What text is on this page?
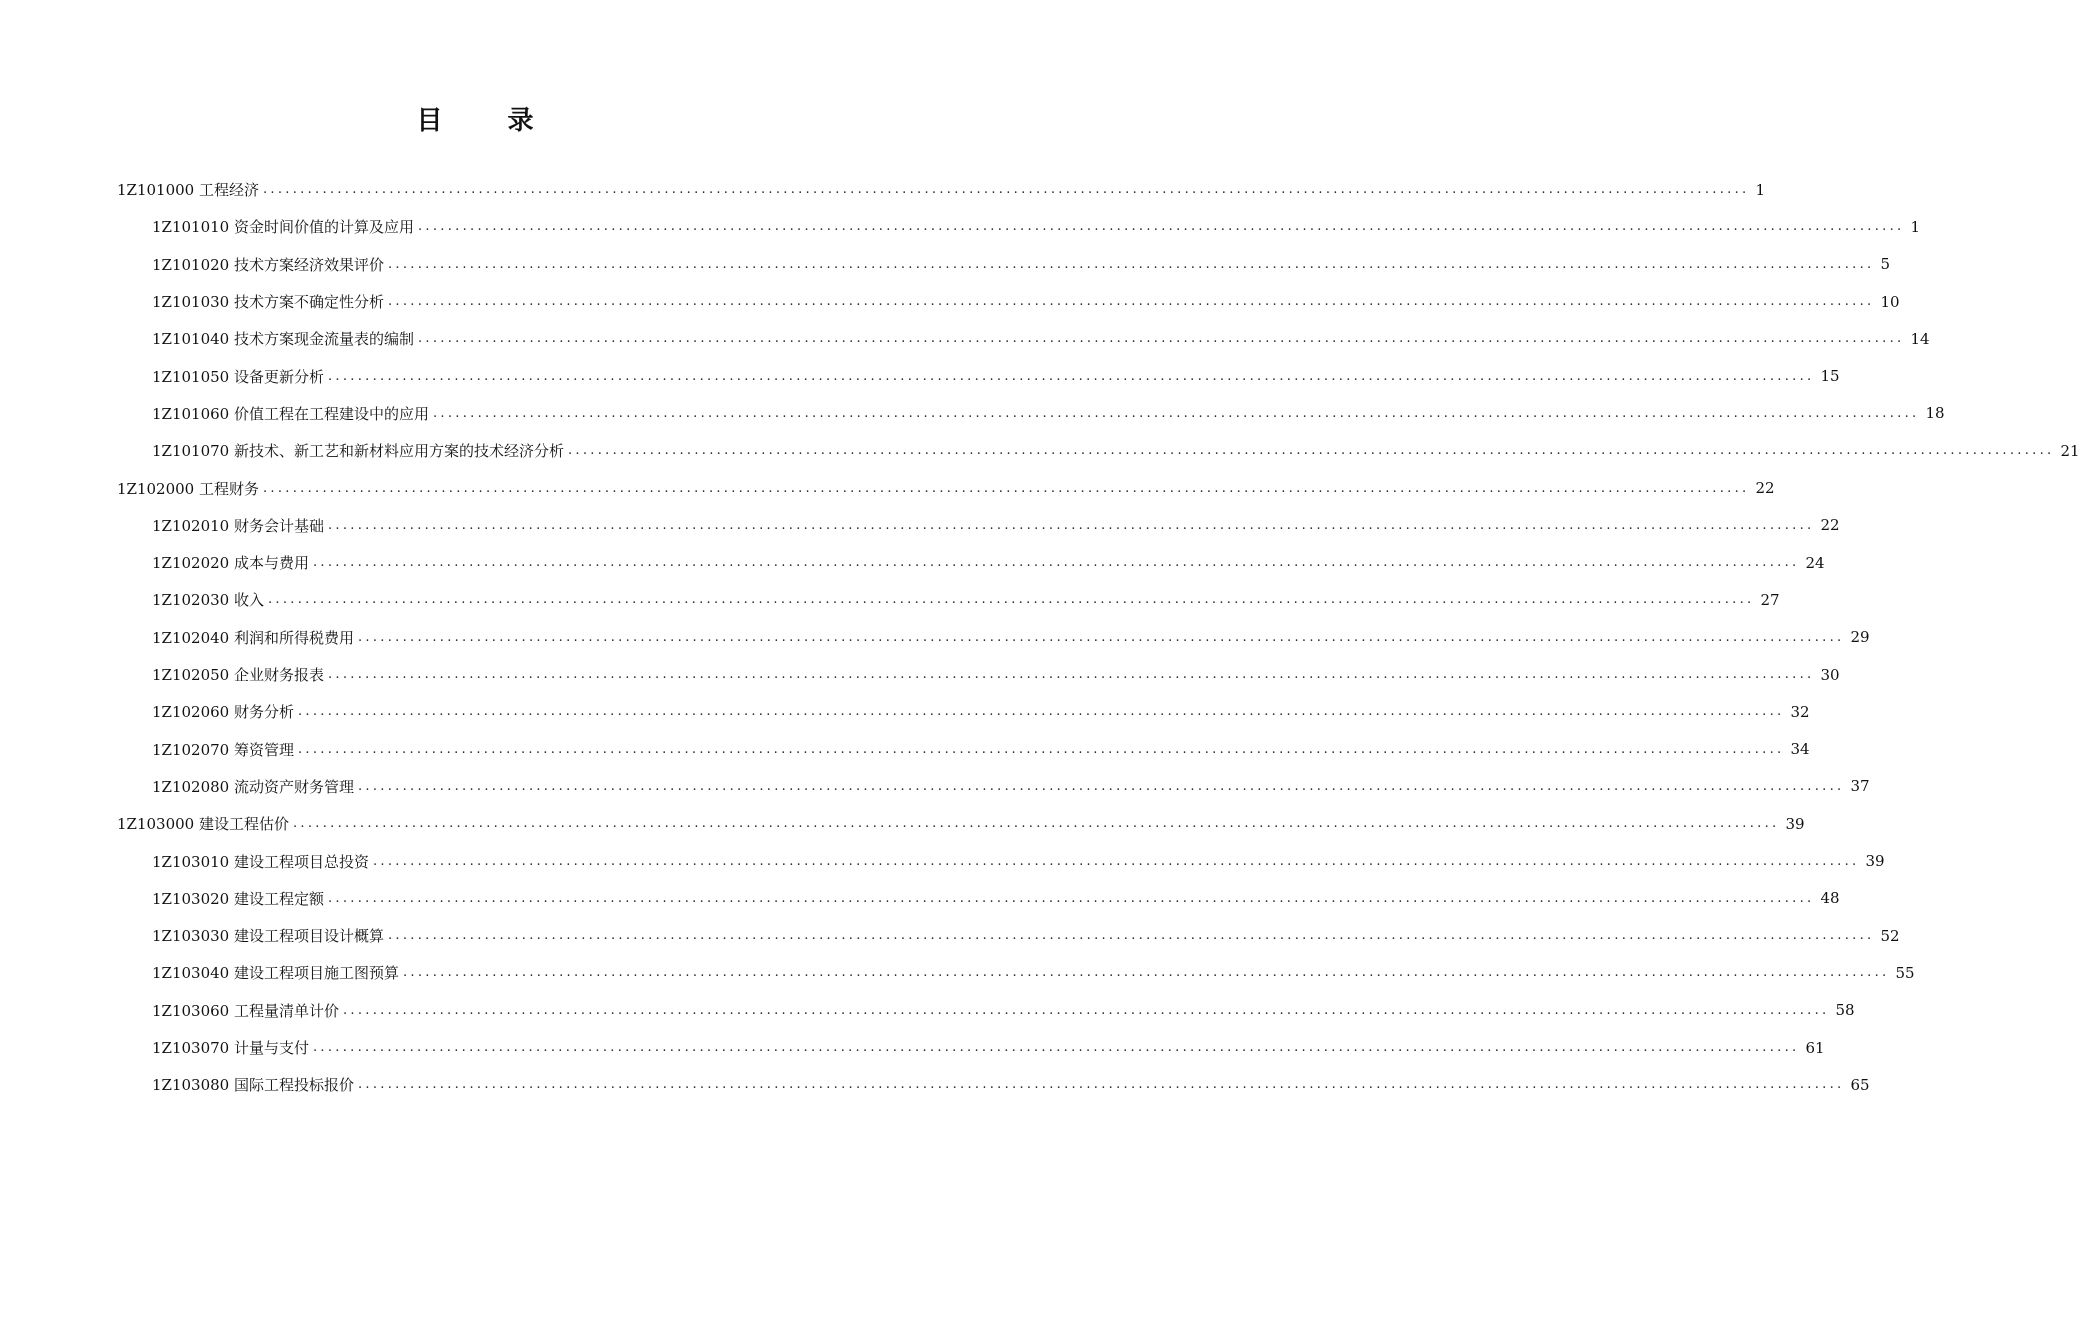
目 录
1Z101000 工程经济 ........................................................................................................................................................................................................ 1
1Z101010 资金时间价值的计算及应用 ........................................................................................................................................................................................................ 1
1Z101020 技术方案经济效果评价 ........................................................................................................................................................................................................ 5
1Z101030 技术方案不确定性分析 ........................................................................................................................................................................................................ 10
1Z101040 技术方案现金流量表的编制 ........................................................................................................................................................................................................ 14
1Z101050 设备更新分析 ........................................................................................................................................................................................................ 15
1Z101060 价值工程在工程建设中的应用 ........................................................................................................................................................................................................ 18
1Z101070 新技术、新工艺和新材料应用方案的技术经济分析 ........................................................................................................................................................................................................ 21
1Z102000 工程财务 ........................................................................................................................................................................................................ 22
1Z102010 财务会计基础 ........................................................................................................................................................................................................ 22
1Z102020 成本与费用 ........................................................................................................................................................................................................ 24
1Z102030 收入 ........................................................................................................................................................................................................ 27
1Z102040 利润和所得税费用 ........................................................................................................................................................................................................ 29
1Z102050 企业财务报表 ........................................................................................................................................................................................................ 30
1Z102060 财务分析 ........................................................................................................................................................................................................ 32
1Z102070 筹资管理 ........................................................................................................................................................................................................ 34
1Z102080 流动资产财务管理 ........................................................................................................................................................................................................ 37
1Z103000 建设工程估价 ........................................................................................................................................................................................................ 39
1Z103010 建设工程项目总投资 ........................................................................................................................................................................................................ 39
1Z103020 建设工程定额 ........................................................................................................................................................................................................ 48
1Z103030 建设工程项目设计概算 ........................................................................................................................................................................................................ 52
1Z103040 建设工程项目施工图预算 ........................................................................................................................................................................................................ 55
1Z103060 工程量清单计价 ........................................................................................................................................................................................................ 58
1Z103070 计量与支付 ........................................................................................................................................................................................................ 61
1Z103080 国际工程投标报价 ........................................................................................................................................................................................................ 65
